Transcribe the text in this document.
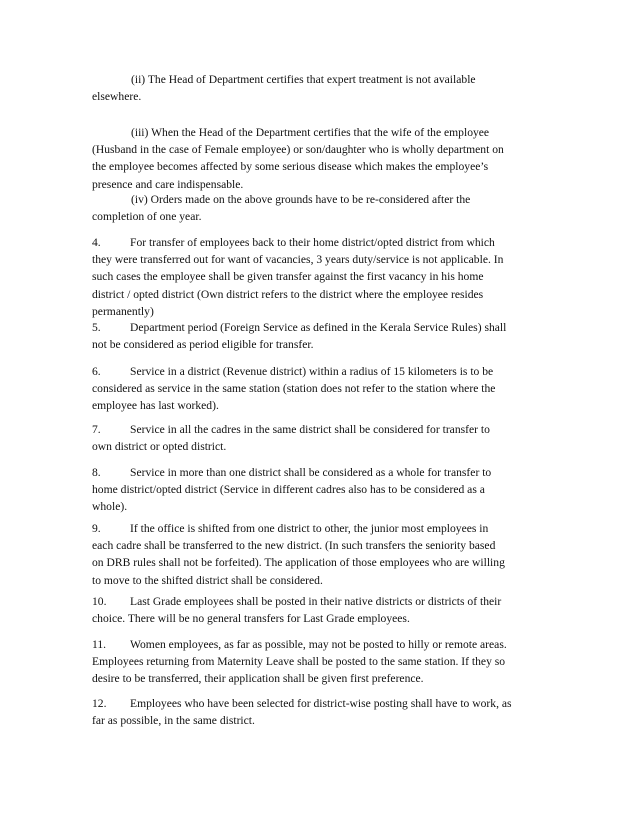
(ii) The Head of Department certifies that expert treatment is not available
elsewhere.

(iii) When the Head of the Department certifies that the wife of the employee
(Husband in the case of Female employee) or son/daughter who is wholly department on
the employee becomes affected by some serious disease which makes the employee’s
presence and care indispensable.

(iv) Orders made on the above grounds have to be re-considered after the
completion of one year.

4.	For transfer of employees back to their home district/opted district from which
they were transferred out for want of vacancies, 3 years duty/service is not applicable. In
such cases the employee shall be given transfer against the first vacancy in his home
district / opted district (Own district refers to the district where the employee resides
permanently)

5.	Department period (Foreign Service as defined in the Kerala Service Rules) shall
not be considered as period eligible for transfer.

6.	Service in a district (Revenue district) within a radius of 15 kilometers is to be
considered as service in the same station (station does not refer to the station where the
employee has last worked).

7.	Service in all the cadres in the same district shall be considered for transfer to
own district or opted district.

8.	Service in more than one district shall be considered as a whole for transfer to
home district/opted district (Service in different cadres also has to be considered as a
whole).

9.	If the office is shifted from one district to other, the junior most employees in
each cadre shall be transferred to the new district. (In such transfers the seniority based
on DRB rules shall not be forfeited). The application of those employees who are willing
to move to the shifted district shall be considered.

10. Last Grade employees shall be posted in their native districts or districts of their
choice. There will be no general transfers for Last Grade employees.

11. Women employees, as far as possible, may not be posted to hilly or remote areas.
Employees returning from Maternity Leave shall be posted to the same station. If they so
desire to be transferred, their application shall be given first preference.

12. Employees who have been selected for district-wise posting shall have to work, as
far as possible, in the same district.
